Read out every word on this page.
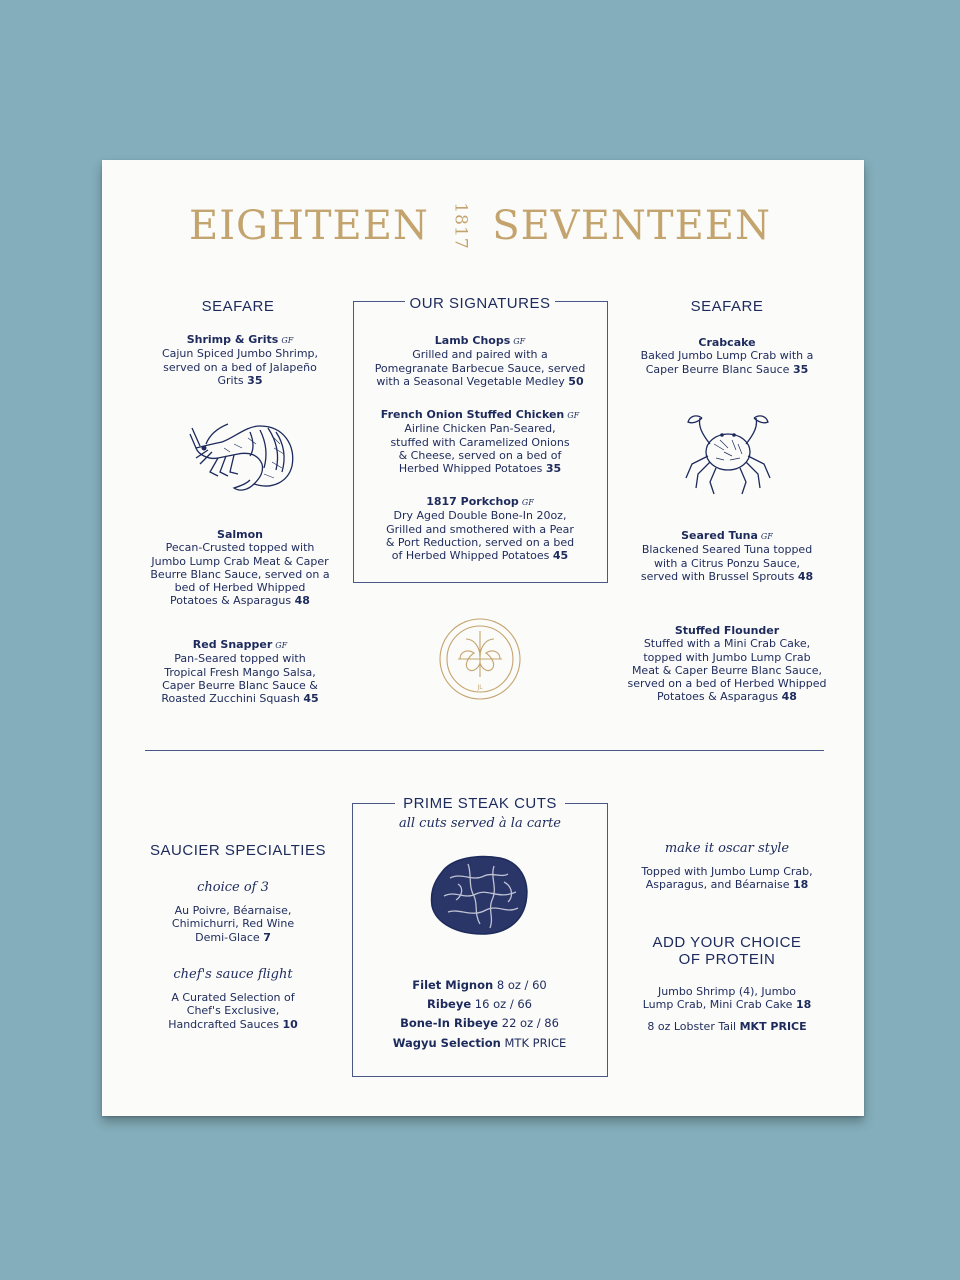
EIGHTEEN 1817 SEVENTEEN
SEAFARE
Shrimp & Grits GF
Cajun Spiced Jumbo Shrimp,
served on a bed of Jalapeño
Grits 35
Salmon
Pecan-Crusted topped with
Jumbo Lump Crab Meat & Caper
Beurre Blanc Sauce, served on a
bed of Herbed Whipped
Potatoes & Asparagus 48
Red Snapper GF
Pan-Seared topped with
Tropical Fresh Mango Salsa,
Caper Beurre Blanc Sauce &
Roasted Zucchini Squash 45
OUR SIGNATURES
Lamb Chops GF
Grilled and paired with a
Pomegranate Barbecue Sauce, served
with a Seasonal Vegetable Medley 50
French Onion Stuffed Chicken GF
Airline Chicken Pan-Seared,
stuffed with Caramelized Onions
& Cheese, served on a bed of
Herbed Whipped Potatoes 35
1817 Porkchop GF
Dry Aged Double Bone-In 20oz,
Grilled and smothered with a Pear
& Port Reduction, served on a bed
of Herbed Whipped Potatoes 45
JL
SEAFARE
Crabcake
Baked Jumbo Lump Crab with a
Caper Beurre Blanc Sauce 35
Seared Tuna GF
Blackened Seared Tuna topped
with a Citrus Ponzu Sauce,
served with Brussel Sprouts 48
Stuffed Flounder
Stuffed with a Mini Crab Cake,
topped with Jumbo Lump Crab
Meat & Caper Beurre Blanc Sauce,
served on a bed of Herbed Whipped
Potatoes & Asparagus 48
SAUCIER SPECIALTIES
choice of 3
Au Poivre, Béarnaise,
Chimichurri, Red Wine
Demi-Glace 7
chef's sauce flight
A Curated Selection of
Chef's Exclusive,
Handcrafted Sauces 10
PRIME STEAK CUTS
all cuts served à la carte
Filet Mignon 8 oz / 60
Ribeye 16 oz / 66
Bone-In Ribeye 22 oz / 86
Wagyu Selection MTK PRICE
make it oscar style
Topped with Jumbo Lump Crab,
Asparagus, and Béarnaise 18
ADD YOUR CHOICE
OF PROTEIN
Jumbo Shrimp (4), Jumbo
Lump Crab, Mini Crab Cake 18
8 oz Lobster Tail MKT PRICE
